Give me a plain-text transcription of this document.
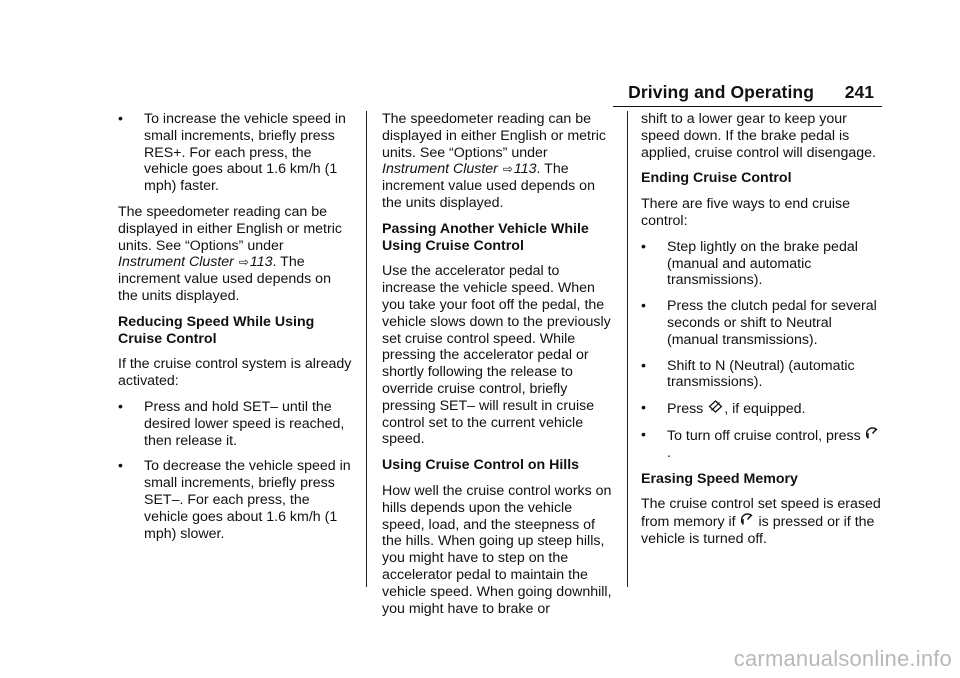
Driving and Operating 241
•	To increase the vehicle speed in small increments, briefly press RES+. For each press, the vehicle goes about 1.6 km/h (1 mph) faster.

The speedometer reading can be displayed in either English or metric units. See “Options” under Instrument Cluster ⇨113. The increment value used depends on the units displayed.

Reducing Speed While Using Cruise Control

If the cruise control system is already activated:

•	Press and hold SET– until the desired lower speed is reached, then release it.
•	To decrease the vehicle speed in small increments, briefly press SET–. For each press, the vehicle goes about 1.6 km/h (1 mph) slower.

The speedometer reading can be displayed in either English or metric units. See “Options” under Instrument Cluster ⇨113. The increment value used depends on the units displayed.

Passing Another Vehicle While Using Cruise Control

Use the accelerator pedal to increase the vehicle speed. When you take your foot off the pedal, the vehicle slows down to the previously set cruise control speed. While pressing the accelerator pedal or shortly following the release to override cruise control, briefly pressing SET– will result in cruise control set to the current vehicle speed.

Using Cruise Control on Hills

How well the cruise control works on hills depends upon the vehicle speed, load, and the steepness of the hills. When going up steep hills, you might have to step on the accelerator pedal to maintain the vehicle speed. When going downhill, you might have to brake or

shift to a lower gear to keep your speed down. If the brake pedal is applied, cruise control will disengage.

Ending Cruise Control

There are five ways to end cruise control:

•	Step lightly on the brake pedal (manual and automatic transmissions).
•	Press the clutch pedal for several seconds or shift to Neutral (manual transmissions).
•	Shift to N (Neutral) (automatic transmissions).
•	Press , if equipped.
•	To turn off cruise control, press .
Erasing Speed Memory

The cruise control set speed is erased from memory if is pressed or if the vehicle is turned off.

carmanualsonline.info
